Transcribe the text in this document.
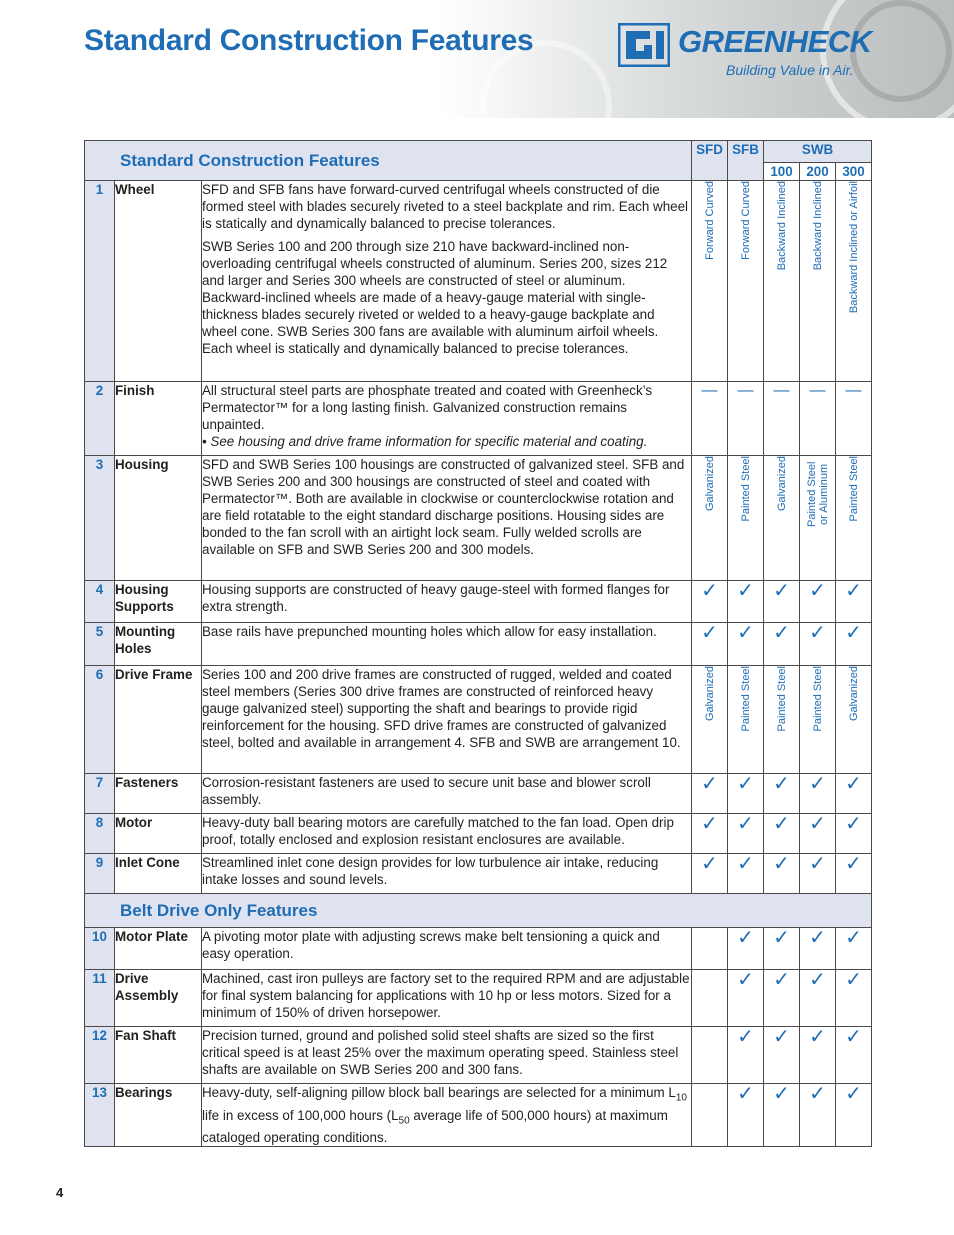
Standard Construction Features	GREENHECK
Building Value in Air.
Standard Construction Features			SFD	SFB	SWB		
					100	200	300
1	Wheel	SFD and SFB fans have forward-curved centrifugal wheels constructed of die formed steel with blades securely riveted to a steel backplate and rim. Each wheel is statically and dynamically balanced to precise tolerances.

SWB Series 100 and 200 through size 210 have backward-inclined non-overloading centrifugal wheels constructed of aluminum. Series 200, sizes 212 and larger and Series 300 wheels are constructed of steel or aluminum. Backward-inclined wheels are made of a heavy-gauge material with single-thickness blades securely riveted or welded to a heavy-gauge backplate and wheel cone. SWB Series 300 fans are available with aluminum airfoil wheels. Each wheel is statically and dynamically balanced to precise tolerances.	Forward Curved	Forward Curved	Backward Inclined	Backward Inclined	Backward Inclined or Airfoil
2	Finish	All structural steel parts are phosphate treated and coated with Greenheck’s Permatector™ for a long lasting finish. Galvanized construction remains unpainted.

• See housing and drive frame information for specific material and coating.	—	—	—	—	—
3	Housing	SFD and SWB Series 100 housings are constructed of galvanized steel. SFB and SWB Series 200 and 300 housings are constructed of steel and coated with Permatector™. Both are available in clockwise or counterclockwise rotation and are field rotatable to the eight standard discharge positions. Housing sides are bonded to the fan scroll with an airtight lock seam. Fully welded scrolls are available on SFB and SWB Series 200 and 300 models.	Galvanized	Painted Steel	Galvanized	Painted Steel or Aluminum	Painted Steel
4	Housing Supports	Housing supports are constructed of heavy gauge-steel with formed flanges for extra strength.	✓	✓	✓	✓	✓
5	Mounting Holes	Base rails have prepunched mounting holes which allow for easy installation.	✓	✓	✓	✓	✓
6	Drive Frame	Series 100 and 200 drive frames are constructed of rugged, welded and coated steel members (Series 300 drive frames are constructed of reinforced heavy gauge galvanized steel) supporting the shaft and bearings to provide rigid reinforcement for the housing. SFD drive frames are constructed of galvanized steel, bolted and available in arrangement 4. SFB and SWB are arrangement 10.	Galvanized	Painted Steel	Painted Steel	Painted Steel	Galvanized
7	Fasteners	Corrosion-resistant fasteners are used to secure unit base and blower scroll assembly.	✓	✓	✓	✓	✓
8	Motor	Heavy-duty ball bearing motors are carefully matched to the fan load. Open drip proof, totally enclosed and explosion resistant enclosures are available.	✓	✓	✓	✓	✓
9	Inlet Cone	Streamlined inlet cone design provides for low turbulence air intake, reducing intake losses and sound levels.	✓	✓	✓	✓	✓
Belt Drive Only Features							
10	Motor Plate	A pivoting motor plate with adjusting screws make belt tensioning a quick and easy operation.		✓	✓	✓	✓
11	Drive Assembly	Machined, cast iron pulleys are factory set to the required RPM and are adjustable for final system balancing for applications with 10 hp or less motors. Sized for a minimum of 150% of driven horsepower.		✓	✓	✓	✓
12	Fan Shaft	Precision turned, ground and polished solid steel shafts are sized so the first critical speed is at least 25% over the maximum operating speed. Stainless steel shafts are available on SWB Series 200 and 300 fans.		✓	✓	✓	✓
13	Bearings	Heavy-duty, self-aligning pillow block ball bearings are selected for a minimum $L_{10}$ life in excess of 100,000 hours ($L_{50}$ average life of 500,000 hours) at maximum cataloged operating conditions.		✓	✓	✓	✓
4
